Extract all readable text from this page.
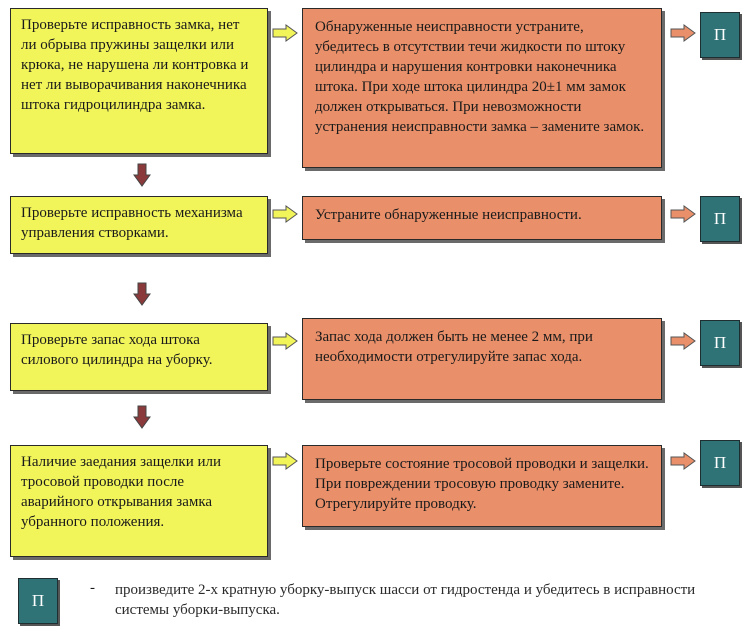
Проверьте исправность замка, нет ли обрыва пружины защелки или крюка, не нарушена ли контровка и нет ли выворачивания наконечника штока гидроцилиндра замка.
Обнаруженные неисправности устраните, убедитесь в отсутствии течи жидкости по штоку цилиндра и нарушения контровки наконечника штока. При ходе штока цилиндра 20±1 мм замок должен открываться. При невозможности устранения неисправности замка – замените замок.
П
Проверьте исправность механизма управления створками.
Устраните обнаруженные неисправности.	П
Проверьте запас хода штока силового цилиндра на уборку.
Запас хода должен быть не менее 2 мм, при необходимости отрегулируйте запас хода.
П
Наличие заедания защелки или тросовой проводки после аварийного открывания замка убранного положения.
Проверьте состояние тросовой проводки и защелки. При повреждении тросовую проводку замените. Отрегулируйте проводку.
П
П
- произведите 2-х кратную уборку-выпуск шасси от гидростенда и убедитесь в исправности системы уборки-выпуска.
